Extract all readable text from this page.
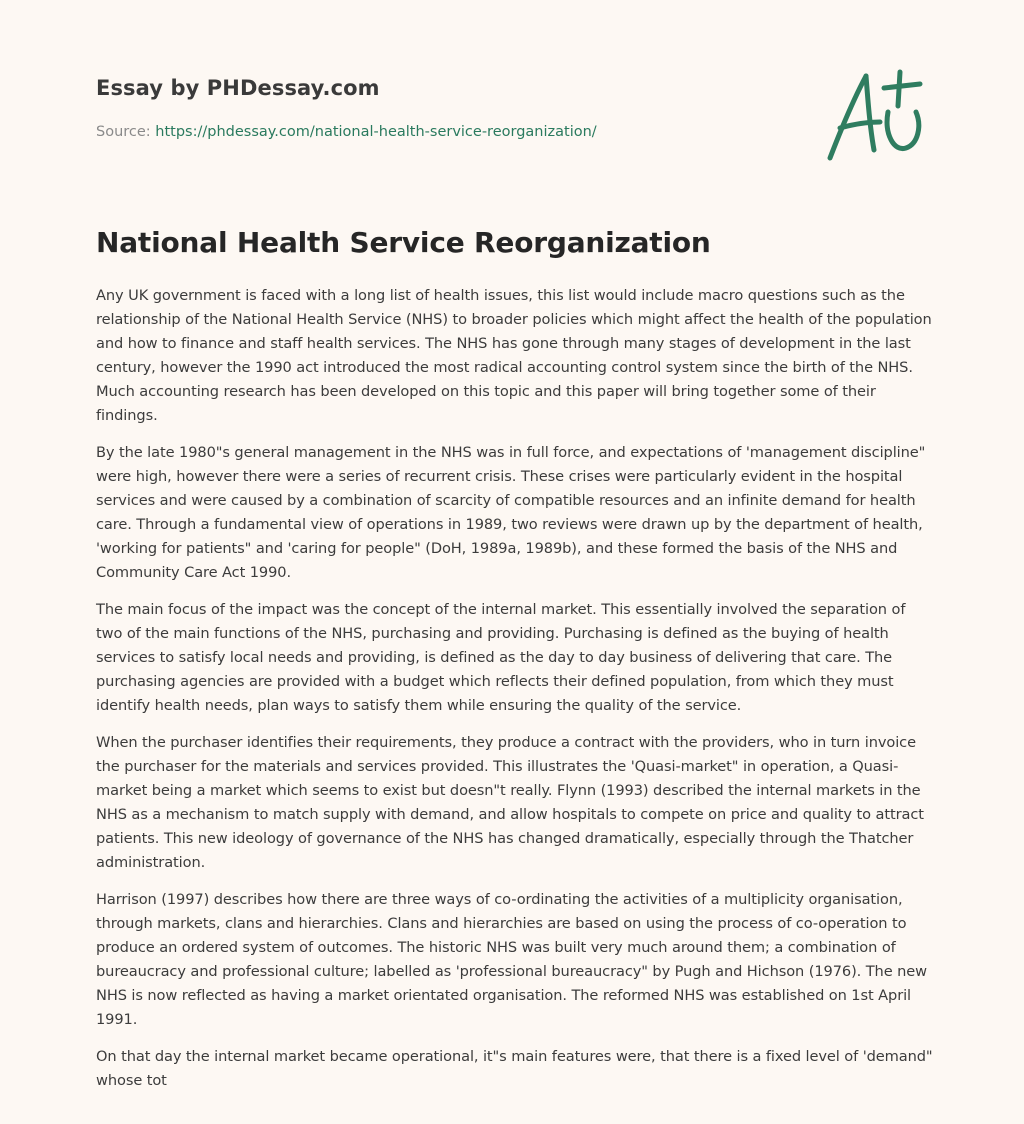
Essay by PHDessay.com
Source: https://phdessay.com/national-health-service-reorganization/
National Health Service Reorganization

Any UK government is faced with a long list of health issues, this list would include macro questions such as the relationship of the National Health Service (NHS) to broader policies which might affect the health of the population and how to finance and staff health services. The NHS has gone through many stages of development in the last century, however the 1990 act introduced the most radical accounting control system since the birth of the NHS. Much accounting research has been developed on this topic and this paper will bring together some of their findings.

By the late 1980"s general management in the NHS was in full force, and expectations of 'management discipline" were high, however there were a series of recurrent crisis. These crises were particularly evident in the hospital services and were caused by a combination of scarcity of compatible resources and an infinite demand for health care. Through a fundamental view of operations in 1989, two reviews were drawn up by the department of health, 'working for patients" and 'caring for people" (DoH, 1989a, 1989b), and these formed the basis of the NHS and Community Care Act 1990.

The main focus of the impact was the concept of the internal market. This essentially involved the separation of two of the main functions of the NHS, purchasing and providing. Purchasing is defined as the buying of health services to satisfy local needs and providing, is defined as the day to day business of delivering that care. The purchasing agencies are provided with a budget which reflects their defined population, from which they must identify health needs, plan ways to satisfy them while ensuring the quality of the service.

When the purchaser identifies their requirements, they produce a contract with the providers, who in turn invoice the purchaser for the materials and services provided. This illustrates the 'Quasi-market" in operation, a Quasi-market being a market which seems to exist but doesn"t really. Flynn (1993) described the internal markets in the NHS as a mechanism to match supply with demand, and allow hospitals to compete on price and quality to attract patients. This new ideology of governance of the NHS has changed dramatically, especially through the Thatcher administration.

Harrison (1997) describes how there are three ways of co-ordinating the activities of a multiplicity organisation, through markets, clans and hierarchies. Clans and hierarchies are based on using the process of co-operation to produce an ordered system of outcomes. The historic NHS was built very much around them; a combination of bureaucracy and professional culture; labelled as 'professional bureaucracy" by Pugh and Hichson (1976). The new NHS is now reflected as having a market orientated organisation. The reformed NHS was established on 1st April 1991.

On that day the internal market became operational, it"s main features were, that there is a fixed level of 'demand" whose tot
